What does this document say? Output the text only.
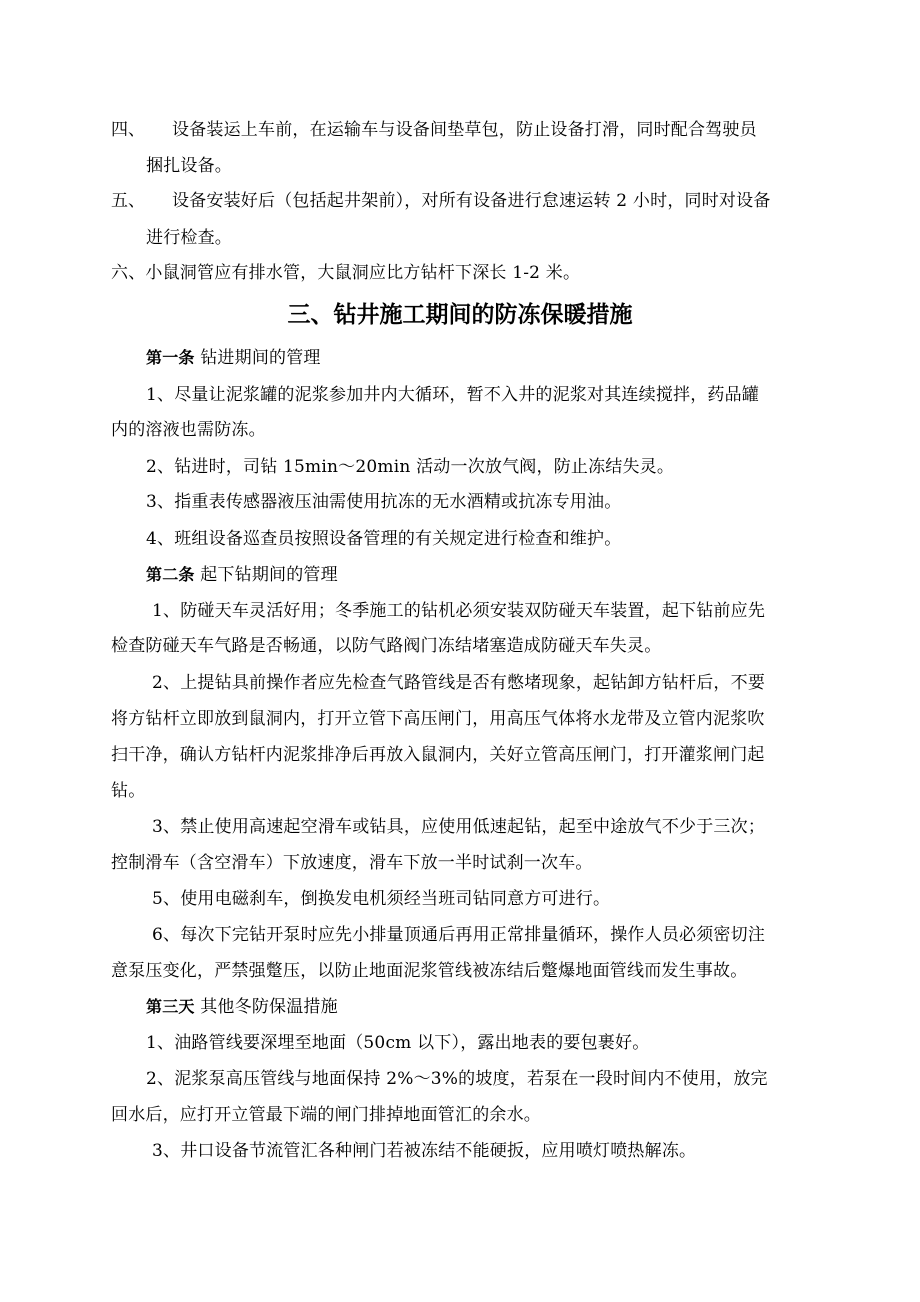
四、 设备装运上车前，在运输车与设备间垫草包，防止设备打滑，同时配合驾驶员
捆扎设备。
五、 设备安装好后（包括起井架前），对所有设备进行怠速运转 2 小时，同时对设备
进行检查。
六、小鼠洞管应有排水管，大鼠洞应比方钻杆下深长 1-2 米。
三、钻井施工期间的防冻保暖措施
第一条 钻进期间的管理
1、尽量让泥浆罐的泥浆参加井内大循环，暂不入井的泥浆对其连续搅拌，药品罐
内的溶液也需防冻。
2、钻进时，司钻 15min～20min 活动一次放气阀，防止冻结失灵。
3、指重表传感器液压油需使用抗冻的无水酒精或抗冻专用油。
4、班组设备巡查员按照设备管理的有关规定进行检查和维护。
第二条 起下钻期间的管理
1、防碰天车灵活好用；冬季施工的钻机必须安装双防碰天车装置，起下钻前应先
检查防碰天车气路是否畅通，以防气路阀门冻结堵塞造成防碰天车失灵。
2、上提钻具前操作者应先检查气路管线是否有憋堵现象，起钻卸方钻杆后，不要
将方钻杆立即放到鼠洞内，打开立管下高压闸门，用高压气体将水龙带及立管内泥浆吹
扫干净，确认方钻杆内泥浆排净后再放入鼠洞内，关好立管高压闸门，打开灌浆闸门起
钻。
3、禁止使用高速起空滑车或钻具，应使用低速起钻，起至中途放气不少于三次；
控制滑车（含空滑车）下放速度，滑车下放一半时试刹一次车。
5、使用电磁刹车，倒换发电机须经当班司钻同意方可进行。
6、每次下完钻开泵时应先小排量顶通后再用正常排量循环，操作人员必须密切注
意泵压变化，严禁强蹩压，以防止地面泥浆管线被冻结后蹩爆地面管线而发生事故。
第三天 其他冬防保温措施
1、油路管线要深埋至地面（50cm 以下），露出地表的要包裹好。
2、泥浆泵高压管线与地面保持 2%～3%的坡度，若泵在一段时间内不使用，放完
回水后，应打开立管最下端的闸门排掉地面管汇的余水。
3、井口设备节流管汇各种闸门若被冻结不能硬扳，应用喷灯喷热解冻。
